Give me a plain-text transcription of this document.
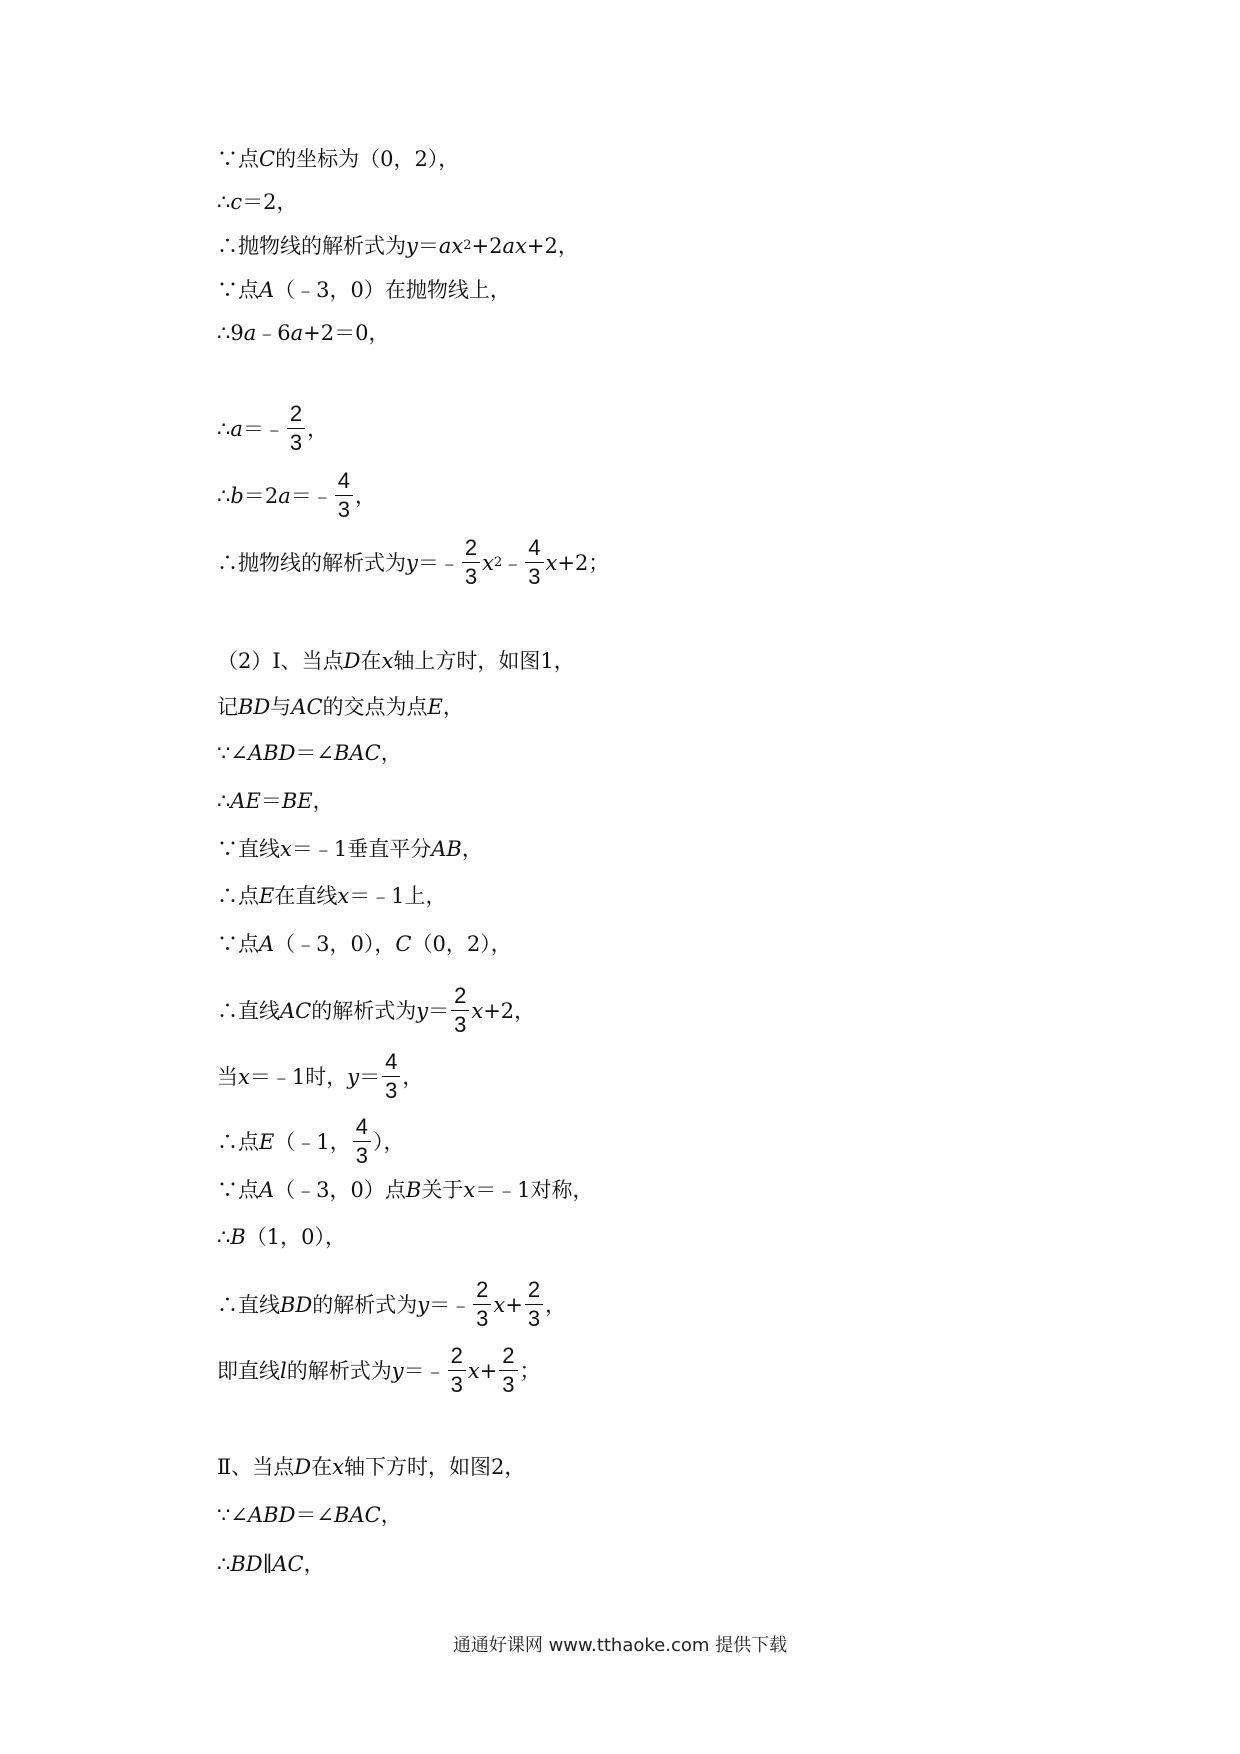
∵点 C 的坐标为（0，2），
∴ c ＝2，
∴抛物线的解析式为 y ＝ ax 2 +2 ax +2，
∵点 A （﹣3，0）在抛物线上，
∴9 a ﹣6 a +2＝0，
∴ a ＝﹣ $\frac{2}{3}$ ，
∴ b ＝2 a ＝﹣ $\frac{4}{3}$ ，
∴抛物线的解析式为 y ＝﹣ $\frac{2}{3}$ x 2 ﹣ $\frac{4}{3}$ x +2；
（2）Ⅰ、当点 D 在 x 轴上方时，如图1，
记 BD 与 AC 的交点为点 E ，
∵∠ ABD ＝∠ BAC ，
∴ AE ＝ BE ，
∵直线 x ＝﹣1垂直平分 AB ，
∴点 E 在直线 x ＝﹣1上，
∵点 A （﹣3，0）， C （0，2），
∴直线 AC 的解析式为 $y = \frac{2}{3}$ x +2，
当 x ＝﹣1时， $y = \frac{4}{3}$ ，
∴点 E （﹣1， $\frac{4}{3}$ ），
∵点 A （﹣3，0）点 B 关于 x ＝﹣1对称，
∴ B （1，0），
∴直线 BD 的解析式为 y ＝﹣ $\frac{2}{3}$ $x + \frac{2}{3}$ ，
即直线 l 的解析式为 y ＝﹣ $\frac{2}{3}$ $x + \frac{2}{3}$ ；
Ⅱ、当点 D 在 x 轴下方时，如图2，
∵∠ ABD ＝∠ BAC ，
∴ BD ∥ AC ，
通通好课网 www.tthaoke.com 提供下载
